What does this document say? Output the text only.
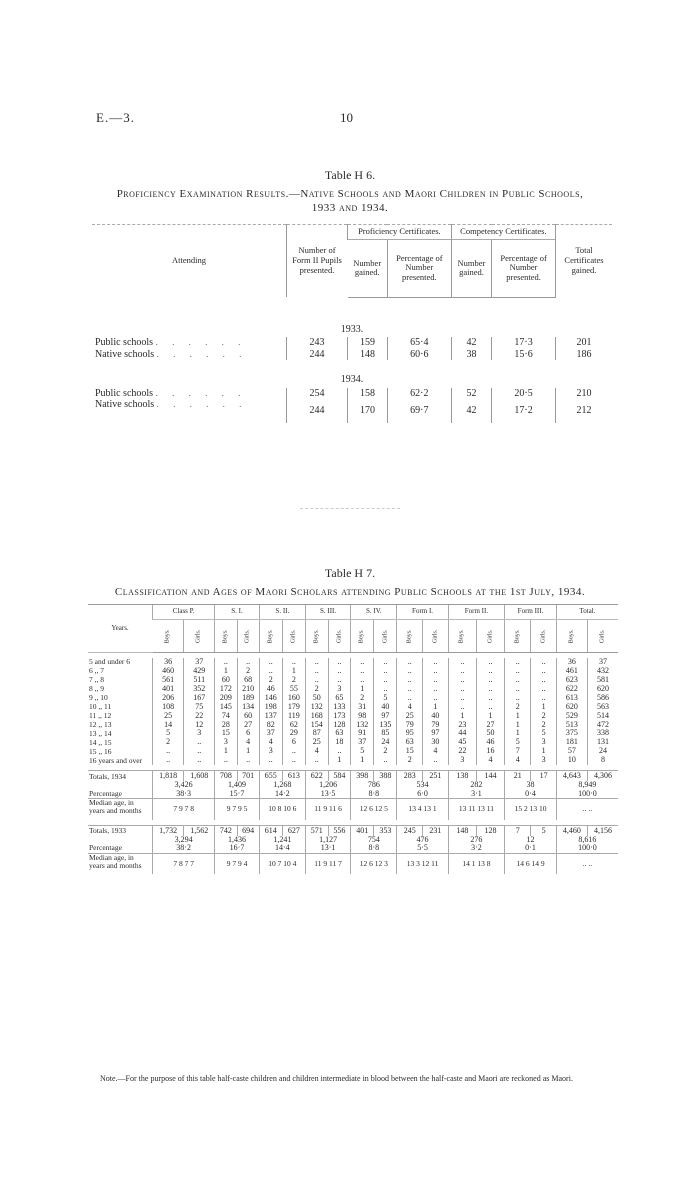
E.—3.	10
Table H 6.
Proficiency Examination Results.—Native Schools and Maori Children in Public Schools,
1933 and 1934.
Attending	Number of Form II Pupils presented.	Proficiency Certificates.		Competency Certificates.		Total Certificates gained.
		Number gained.	Percentage of Number presented.	Number gained.	Percentage of Number presented.	
1933.						
Public schools . . . . . .	243	159	65·4	42	17·3	201
Native schools . . . . . .	244	148	60·6	38	15·6	186
1934.						
Public schools . . . . . .	254	158	62·2	52	20·5	210
Native schools . . . . . .	244	170	69·7	42	17·2	212
Table H 7.
Classification and Ages of Maori Scholars attending Public Schools at the 1st July, 1934.
Years.	Class P.		S. I.		S. II.		S. III.		S. IV.		Form I.		Form II.		Form III.		Total.	
	Boys.	Girls.	Boys.	Girls.	Boys.	Girls.	Boys.	Girls.	Boys.	Girls.	Boys.	Girls.	Boys.	Girls.	Boys.	Girls.	Boys.	Girls.

5 and under 6	36	37	..	..	..	..	..	..	..	..	..	..	..	..	..	..	36	37
6 ,, 7	460	429	1	2	..	1	..	..	..	..	..	..	..	..	..	..	461	432
7 ,, 8	561	511	60	68	2	2	..	..	..	..	..	..	..	..	..	..	623	581
8 ,, 9	401	352	172	210	46	55	2	3	1	..	..	..	..	..	..	..	622	620
9 ,, 10	206	167	209	189	146	160	50	65	2	5	..	..	..	..	..	..	613	586
10 ,, 11	108	75	145	134	198	179	132	133	31	40	4	1	..	..	2	1	620	563
11 ,, 12	25	22	74	60	137	119	168	173	98	97	25	40	1	1	1	2	529	514
12 ,, 13	14	12	28	27	82	62	154	128	132	135	79	79	23	27	1	2	513	472
13 ,, 14	5	3	15	6	37	29	87	63	91	85	95	97	44	50	1	5	375	338
14 ,, 15	2	..	3	4	4	6	25	18	37	24	63	30	45	46	5	3	181	131
15 ,, 16	..	..	1	1	3	..	4	..	5	2	15	4	22	16	7	1	57	24
16 years and over	..	..	..	..	..	..	..	1	1	..	2	..	3	4	4	3	10	8

Totals, 1934	1,818	1,608	708	701	655	613	622	584	398	388	283	251	138	144	21	17	4,643	4,306
	3,426		1,409		1,268		1,206		786		534		282		38		8,949	
Percentage	38·3		15·7		14·2		13·5		8·8		6·0		3·1		0·4		100·0	
Median age, in years and months	7 9 7 8		9 7 9 5		10 8 10 6		11 9 11 6		12 6 12 5		13 4 13 1		13 11 13 11		15 2 13 10		.. ..	

Totals, 1933	1,732	1,562	742	694	614	627	571	556	401	353	245	231	148	128	7	5	4,460	4,156
	3,294		1,436		1,241		1,127		754		476		276		12		8,616	
Percentage	38·2		16·7		14·4		13·1		8·8		5·5		3·2		0·1		100·0	
Median age, in years and months	7 8 7 7		9 7 9 4		10 7 10 4		11 9 11 7		12 6 12 3		13 3 12 11		14 1 13 8		14 6 14 9		.. ..	
Note.—For the purpose of this table half-caste children and children intermediate in blood between the half-caste and Maori are reckoned as Maori.
